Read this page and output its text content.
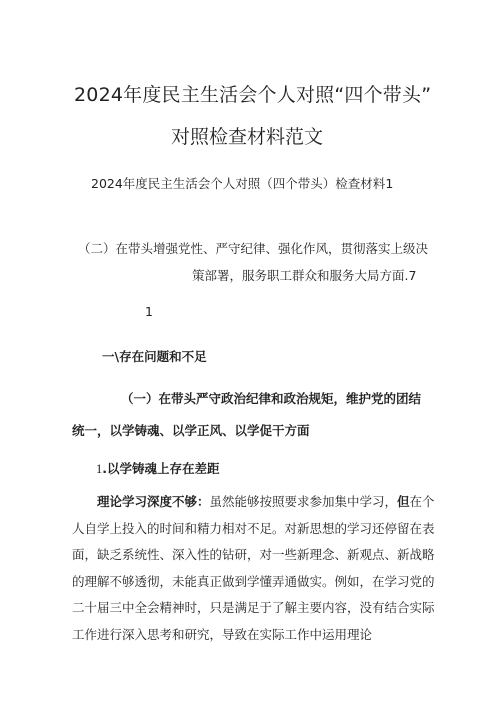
2024年度民主生活会个人对照“四个带头”
对照检查材料范文
2024年度民主生活会个人对照（四个带头）检查材料1
（二）在带头增强党性、严守纪律、强化作风，贯彻落实上级决
策部署，服务职工群众和服务大局方面.7
1
一\存在问题和不足
（一）在带头严守政治纪律和政治规矩，维护党的团结
统一，以学铸魂、以学正风、以学促干方面
1.以学铸魂上存在差距
理论学习深度不够：虽然能够按照要求参加集中学习，但在个人自学上投入的时间和精力相对不足。对新思想的学习还停留在表面，缺乏系统性、深入性的钻研，对一些新理念、新观点、新战略的理解不够透彻，未能真正做到学懂弄通做实。例如，在学习党的二十届三中全会精神时，只是满足于了解主要内容，没有结合实际工作进行深入思考和研究，导致在实际工作中运用理论
